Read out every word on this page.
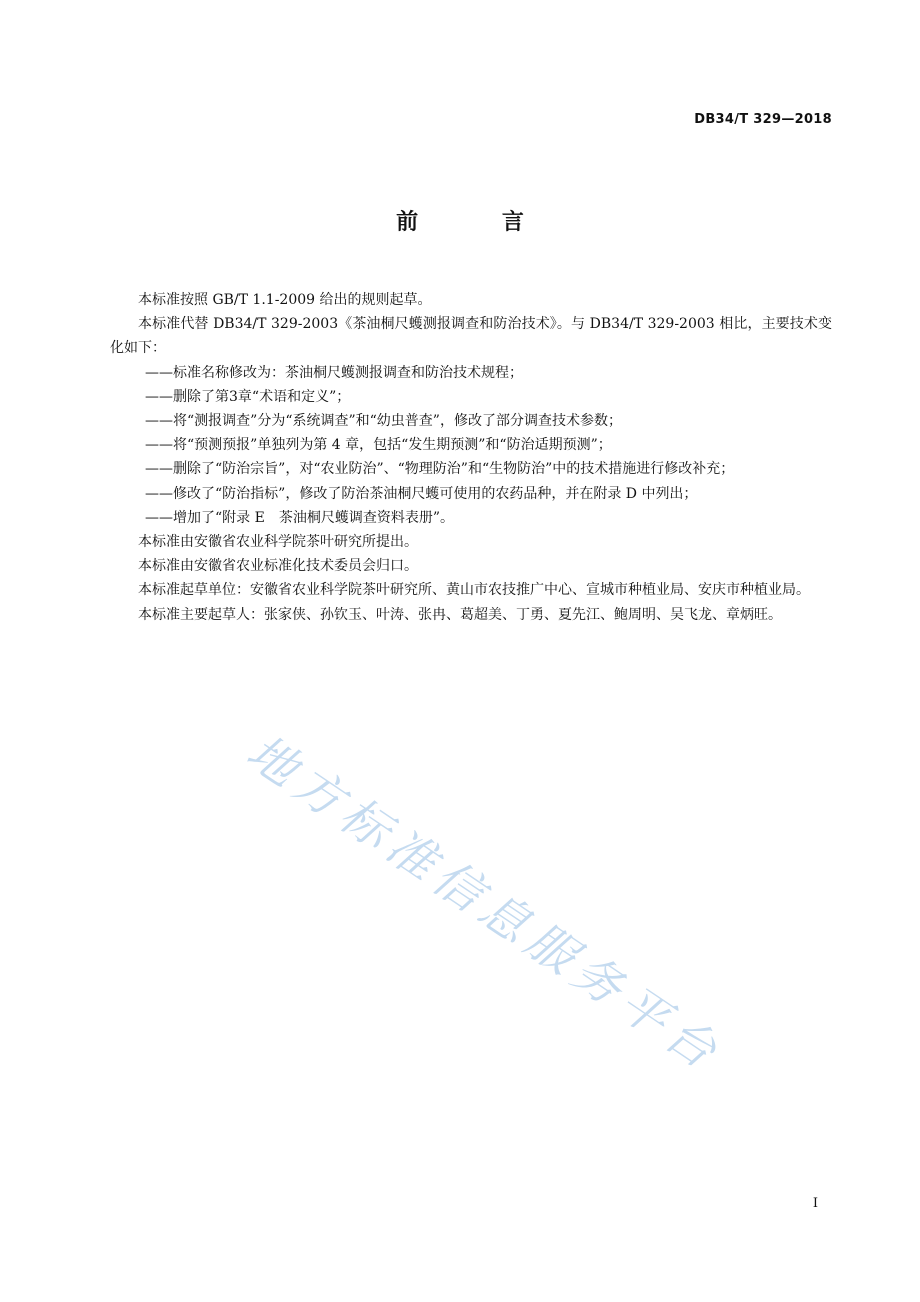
DB34/T 329—2018
前 言

本标准按照 GB/T 1.1-2009 给出的规则起草。

本标准代替 DB34/T 329-2003《茶油桐尺蠖测报调查和防治技术》。与 DB34/T 329-2003 相比，主要技术变化如下：

——标准名称修改为：茶油桐尺蠖测报调查和防治技术规程；

——删除了第3章“术语和定义”；

——将“测报调查”分为“系统调查”和“幼虫普查”，修改了部分调查技术参数；

——将“预测预报”单独列为第 4 章，包括“发生期预测”和“防治适期预测”；

——删除了“防治宗旨”，对“农业防治”、“物理防治”和“生物防治”中的技术措施进行修改补充；

——修改了“防治指标”，修改了防治茶油桐尺蠖可使用的农药品种，并在附录 D 中列出；

——增加了“附录 E　茶油桐尺蠖调查资料表册”。

本标准由安徽省农业科学院茶叶研究所提出。

本标准由安徽省农业标准化技术委员会归口。

本标准起草单位：安徽省农业科学院茶叶研究所、黄山市农技推广中心、宣城市种植业局、安庆市种植业局。

本标准主要起草人：张家侠、孙钦玉、叶涛、张冉、葛超美、丁勇、夏先江、鲍周明、吴飞龙、章炳旺。

地方标准信息服务平台
I
